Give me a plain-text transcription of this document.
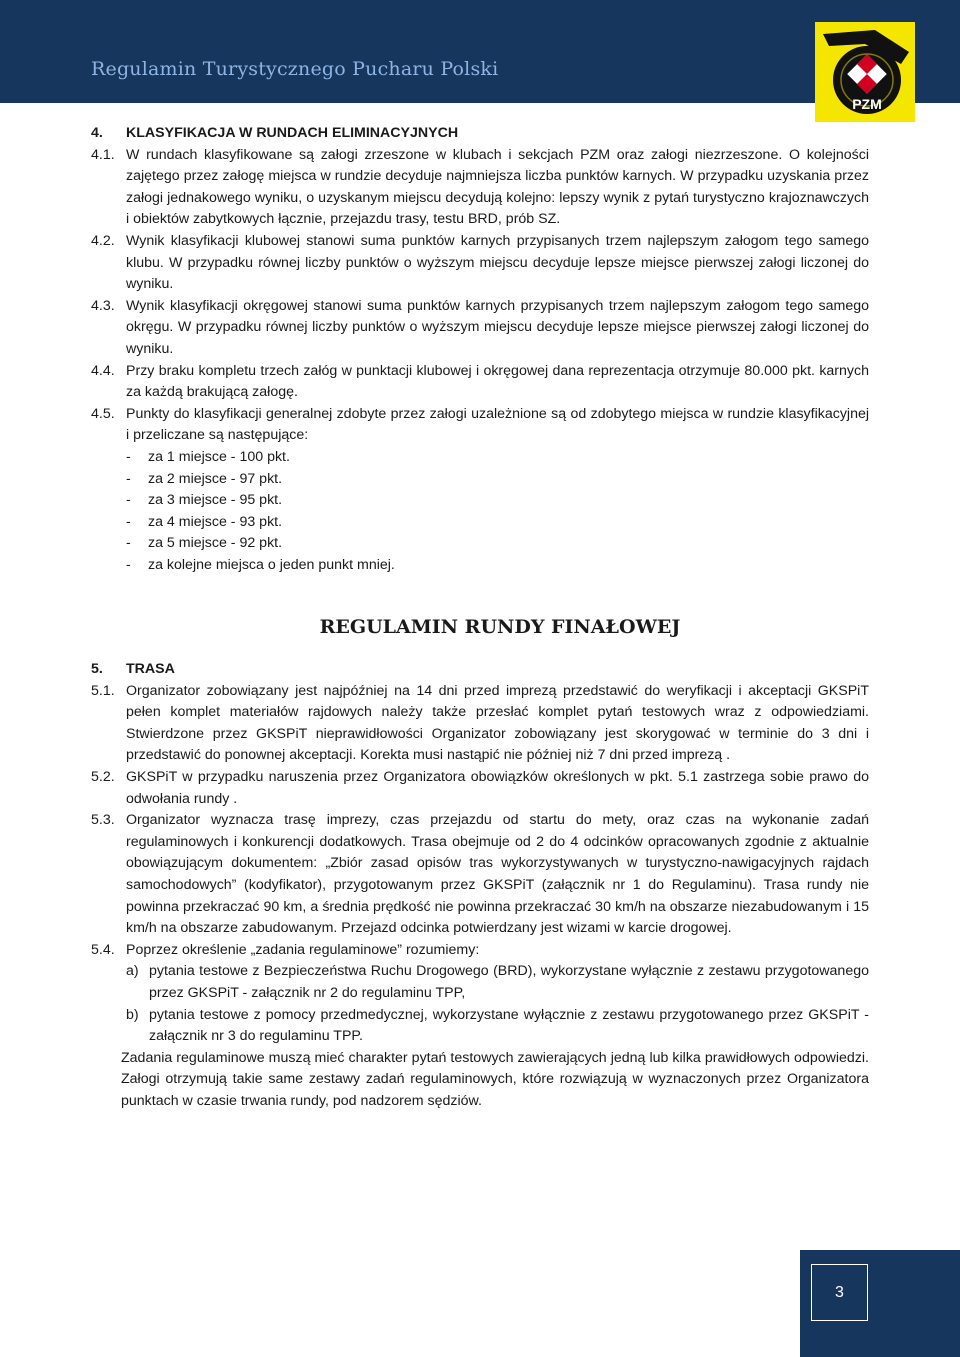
Regulamin Turystycznego Pucharu Polski
PZM
4. KLASYFIKACJA W RUNDACH ELIMINACYJNYCH
4.1. W rundach klasyfikowane są załogi zrzeszone w klubach i sekcjach PZM oraz załogi niezrzeszone. O kolejności zajętego przez załogę miejsca w rundzie decyduje najmniejsza liczba punktów karnych. W przypadku uzyskania przez załogi jednakowego wyniku, o uzyskanym miejscu decydują kolejno: lepszy wynik z pytań turystyczno krajoznawczych i obiektów zabytkowych łącznie, przejazdu trasy, testu BRD, prób SZ.
4.2. Wynik klasyfikacji klubowej stanowi suma punktów karnych przypisanych trzem najlepszym załogom tego samego klubu. W przypadku równej liczby punktów o wyższym miejscu decyduje lepsze miejsce pierwszej załogi liczonej do wyniku.
4.3. Wynik klasyfikacji okręgowej stanowi suma punktów karnych przypisanych trzem najlepszym załogom tego samego okręgu. W przypadku równej liczby punktów o wyższym miejscu decyduje lepsze miejsce pierwszej załogi liczonej do wyniku.
4.4. Przy braku kompletu trzech załóg w punktacji klubowej i okręgowej dana reprezentacja otrzymuje 80.000 pkt. karnych za każdą brakującą załogę.
4.5. Punkty do klasyfikacji generalnej zdobyte przez załogi uzależnione są od zdobytego miejsca w rundzie klasyfikacyjnej i przeliczane są następujące:
- za 1 miejsce - 100 pkt.
- za 2 miejsce - 97 pkt.
- za 3 miejsce - 95 pkt.
- za 4 miejsce - 93 pkt.
- za 5 miejsce - 92 pkt.
- za kolejne miejsca o jeden punkt mniej.
REGULAMIN RUNDY FINAŁOWEJ
5. TRASA
5.1. Organizator zobowiązany jest najpóźniej na 14 dni przed imprezą przedstawić do weryfikacji i akceptacji GKSPiT pełen komplet materiałów rajdowych należy także przesłać komplet pytań testowych wraz z odpowiedziami. Stwierdzone przez GKSPiT nieprawidłowości Organizator zobowiązany jest skorygować w terminie do 3 dni i przedstawić do ponownej akceptacji. Korekta musi nastąpić nie później niż 7 dni przed imprezą .
5.2. GKSPiT w przypadku naruszenia przez Organizatora obowiązków określonych w pkt. 5.1 zastrzega sobie prawo do odwołania rundy .
5.3. Organizator wyznacza trasę imprezy, czas przejazdu od startu do mety, oraz czas na wykonanie zadań regulaminowych i konkurencji dodatkowych. Trasa obejmuje od 2 do 4 odcinków opracowanych zgodnie z aktualnie obowiązującym dokumentem: „Zbiór zasad opisów tras wykorzystywanych w turystyczno-nawigacyjnych rajdach samochodowych” (kodyfikator), przygotowanym przez GKSPiT (załącznik nr 1 do Regulaminu). Trasa rundy nie powinna przekraczać 90 km, a średnia prędkość nie powinna przekraczać 30 km/h na obszarze niezabudowanym i 15 km/h na obszarze zabudowanym. Przejazd odcinka potwierdzany jest wizami w karcie drogowej.
5.4. Poprzez określenie „zadania regulaminowe” rozumiemy:
a) pytania testowe z Bezpieczeństwa Ruchu Drogowego (BRD), wykorzystane wyłącznie z zestawu przygotowanego przez GKSPiT - załącznik nr 2 do regulaminu TPP,
b) pytania testowe z pomocy przedmedycznej, wykorzystane wyłącznie z zestawu przygotowanego przez GKSPiT - załącznik nr 3 do regulaminu TPP.
Zadania regulaminowe muszą mieć charakter pytań testowych zawierających jedną lub kilka prawidłowych odpowiedzi. Załogi otrzymują takie same zestawy zadań regulaminowych, które rozwiązują w wyznaczonych przez Organizatora punktach w czasie trwania rundy, pod nadzorem sędziów.
3
